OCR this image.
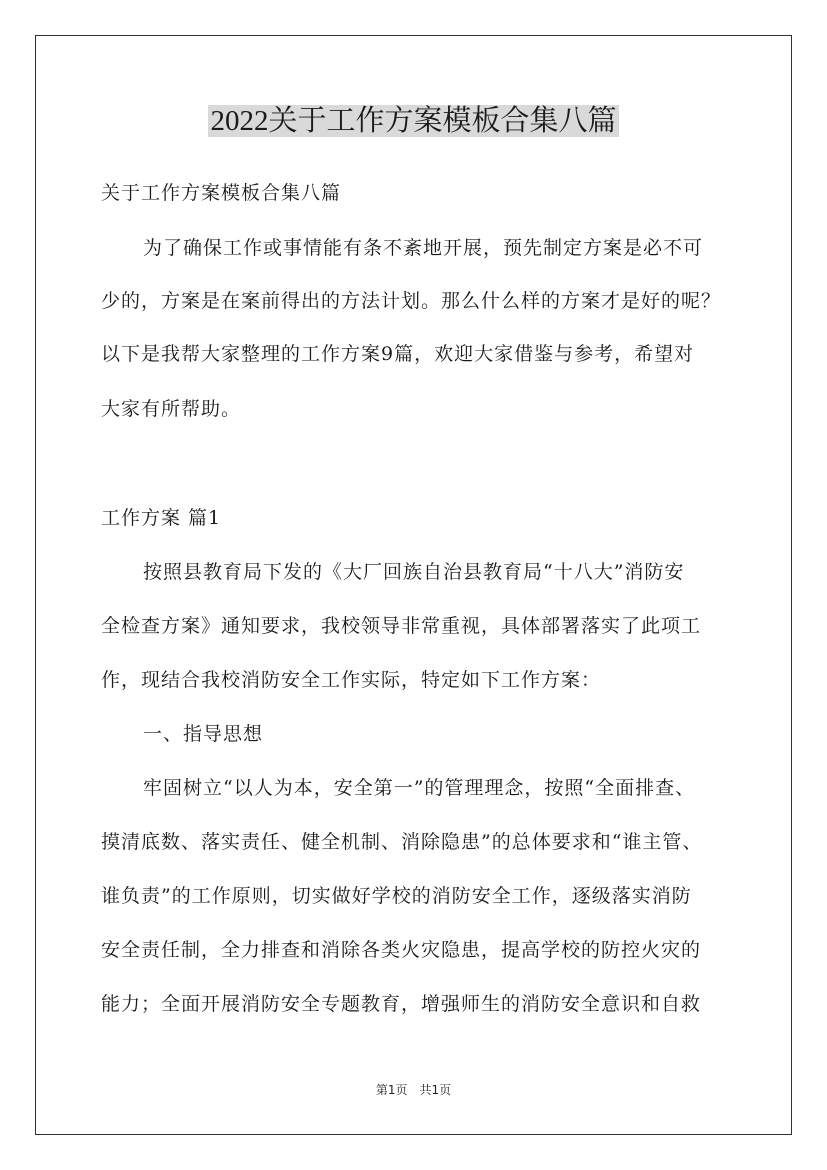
2022关于工作方案模板合集八篇
关于工作方案模板合集八篇
为了确保工作或事情能有条不紊地开展，预先制定方案是必不可
少的，方案是在案前得出的方法计划。那么什么样的方案才是好的呢？
以下是我帮大家整理的工作方案9篇，欢迎大家借鉴与参考，希望对
大家有所帮助。
工作方案 篇1
按照县教育局下发的《大厂回族自治县教育局“十八大”消防安
全检查方案》通知要求，我校领导非常重视，具体部署落实了此项工
作，现结合我校消防安全工作实际，特定如下工作方案：
一、指导思想
牢固树立“以人为本，安全第一”的管理理念，按照“全面排查、
摸清底数、落实责任、健全机制、消除隐患”的总体要求和“谁主管、
谁负责”的工作原则，切实做好学校的消防安全工作，逐级落实消防
安全责任制，全力排查和消除各类火灾隐患，提高学校的防控火灾的
能力；全面开展消防安全专题教育，增强师生的消防安全意识和自救
第1页　共1页
